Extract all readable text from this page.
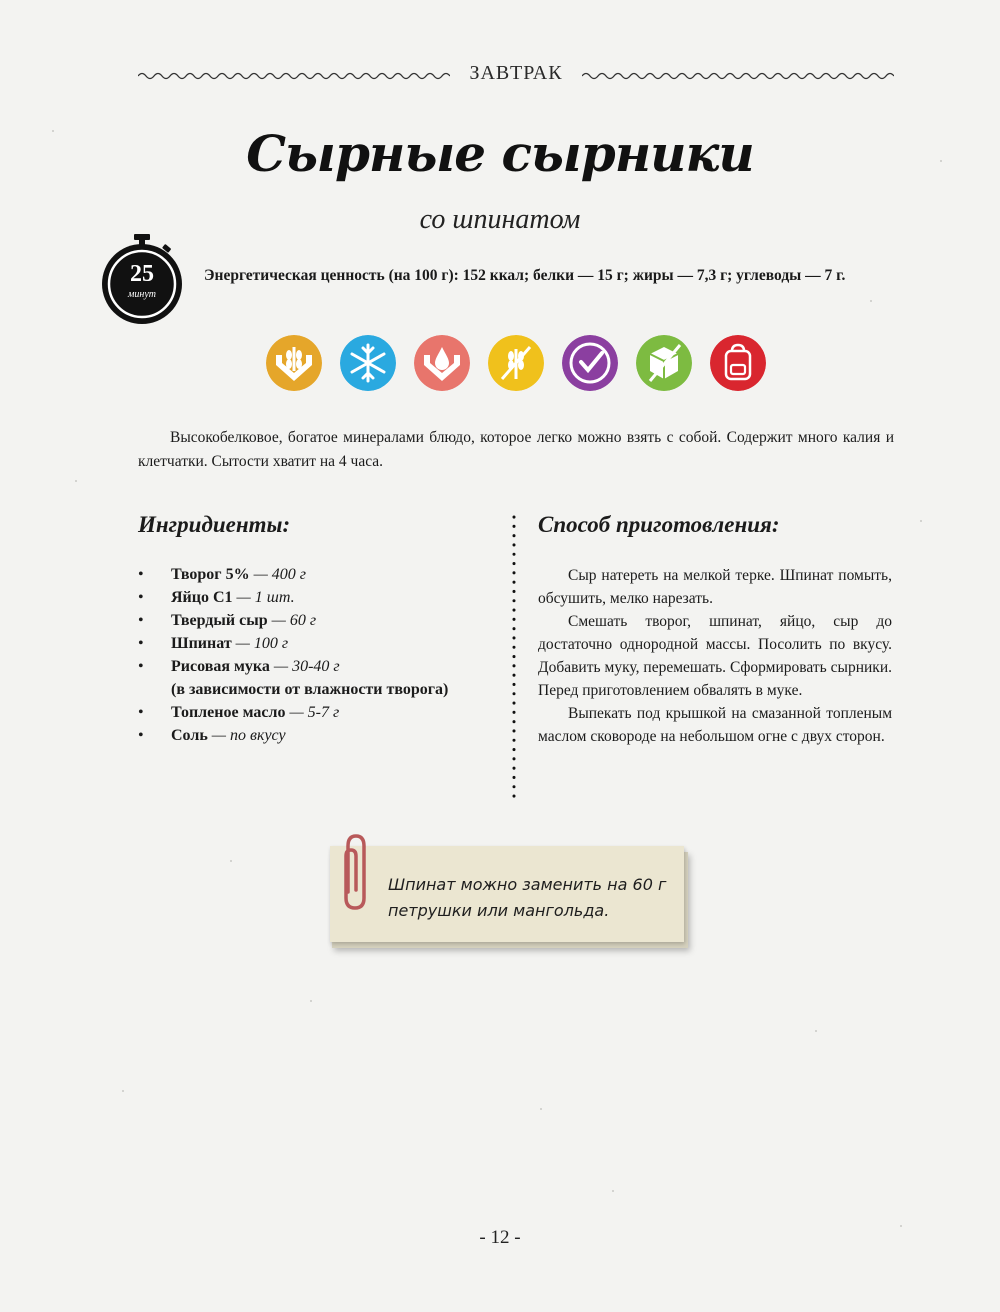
ЗАВТРАК
Сырные сырники
со шпинатом
25
минут
Энергетическая ценность (на 100 г): 152 ккал; белки — 15 г; жиры — 7,3 г; углеводы — 7 г.
Высокобелковое, богатое минералами блюдо, которое легко можно взять с собой. Содержит много калия и клетчатки. Сытости хватит на 4 часа.
Ингридиенты:
• Творог 5% — 400 г
• Яйцо С1 — 1 шт.
• Твердый сыр — 60 г
• Шпинат — 100 г
• Рисовая мука — 30-40 г
(в зависимости от влажности творога)
• Топленое масло — 5-7 г
• Соль — по вкусу
Способ приготовления:

Сыр натереть на мелкой терке. Шпинат помыть, обсушить, мелко нарезать.

Смешать творог, шпинат, яйцо, сыр до достаточно однородной массы. Посолить по вкусу. Добавить муку, перемешать. Сформировать сырники. Перед приготовлением обвалять в муке.

Выпекать под крышкой на смазанной топленым маслом сковороде на небольшом огне с двух сторон.

Шпинат можно заменить на 60 г петрушки или мангольда.
- 12 -
